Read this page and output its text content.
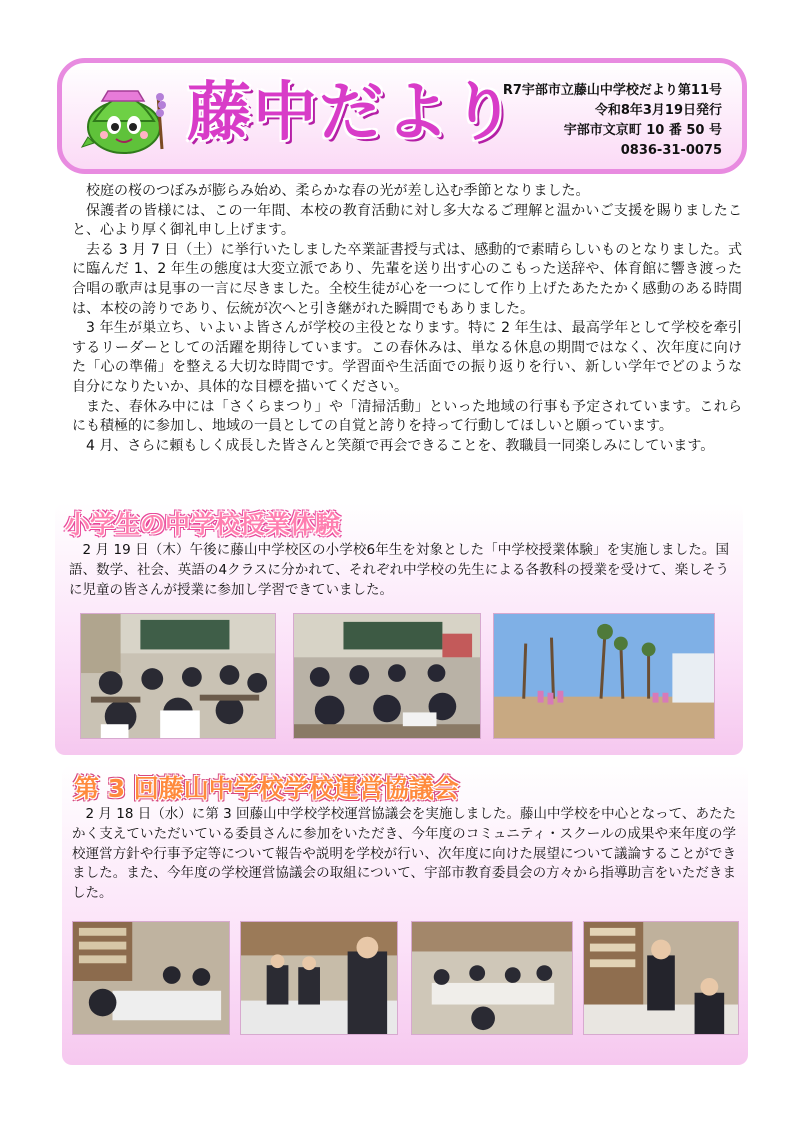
藤中だより
R7宇部市立藤山中学校だより第11号
令和8年3月19日発行
宇部市文京町 10 番 50 号
0836-31-0075

校庭の桜のつぼみが膨らみ始め、柔らかな春の光が差し込む季節となりました。

保護者の皆様には、この一年間、本校の教育活動に対し多大なるご理解と温かいご支援を賜りましたこと、心より厚く御礼申し上げます。

去る 3 月 7 日（土）に挙行いたしました卒業証書授与式は、感動的で素晴らしいものとなりました。式に臨んだ 1、2 年生の態度は大変立派であり、先輩を送り出す心のこもった送辞や、体育館に響き渡った合唱の歌声は見事の一言に尽きました。全校生徒が心を一つにして作り上げたあたたかく感動のある時間は、本校の誇りであり、伝統が次へと引き継がれた瞬間でもありました。

3 年生が巣立ち、いよいよ皆さんが学校の主役となります。特に 2 年生は、最高学年として学校を牽引するリーダーとしての活躍を期待しています。この春休みは、単なる休息の期間ではなく、次年度に向けた「心の準備」を整える大切な時間です。学習面や生活面での振り返りを行い、新しい学年でどのような自分になりたいか、具体的な目標を描いてください。

また、春休み中には「さくらまつり」や「清掃活動」といった地域の行事も予定されています。これらにも積極的に参加し、地域の一員としての自覚と誇りを持って行動してほしいと願っています。

4 月、さらに頼もしく成長した皆さんと笑顔で再会できることを、教職員一同楽しみにしています。

小学生の中学校授業体験

2 月 19 日（木）午後に藤山中学校区の小学校6年生を対象とした「中学校授業体験」を実施しました。国語、数学、社会、英語の4クラスに分かれて、それぞれ中学校の先生による各教科の授業を受けて、楽しそうに児童の皆さんが授業に参加し学習できていました。

第 3 回藤山中学校学校運営協議会

2 月 18 日（水）に第 3 回藤山中学校学校運営協議会を実施しました。藤山中学校を中心となって、あたたかく支えていただいている委員さんに参加をいただき、今年度のコミュニティ・スクールの成果や来年度の学校運営方針や行事予定等について報告や説明を学校が行い、次年度に向けた展望について議論することができました。また、今年度の学校運営協議会の取組について、宇部市教育委員会の方々から指導助言をいただきました。
